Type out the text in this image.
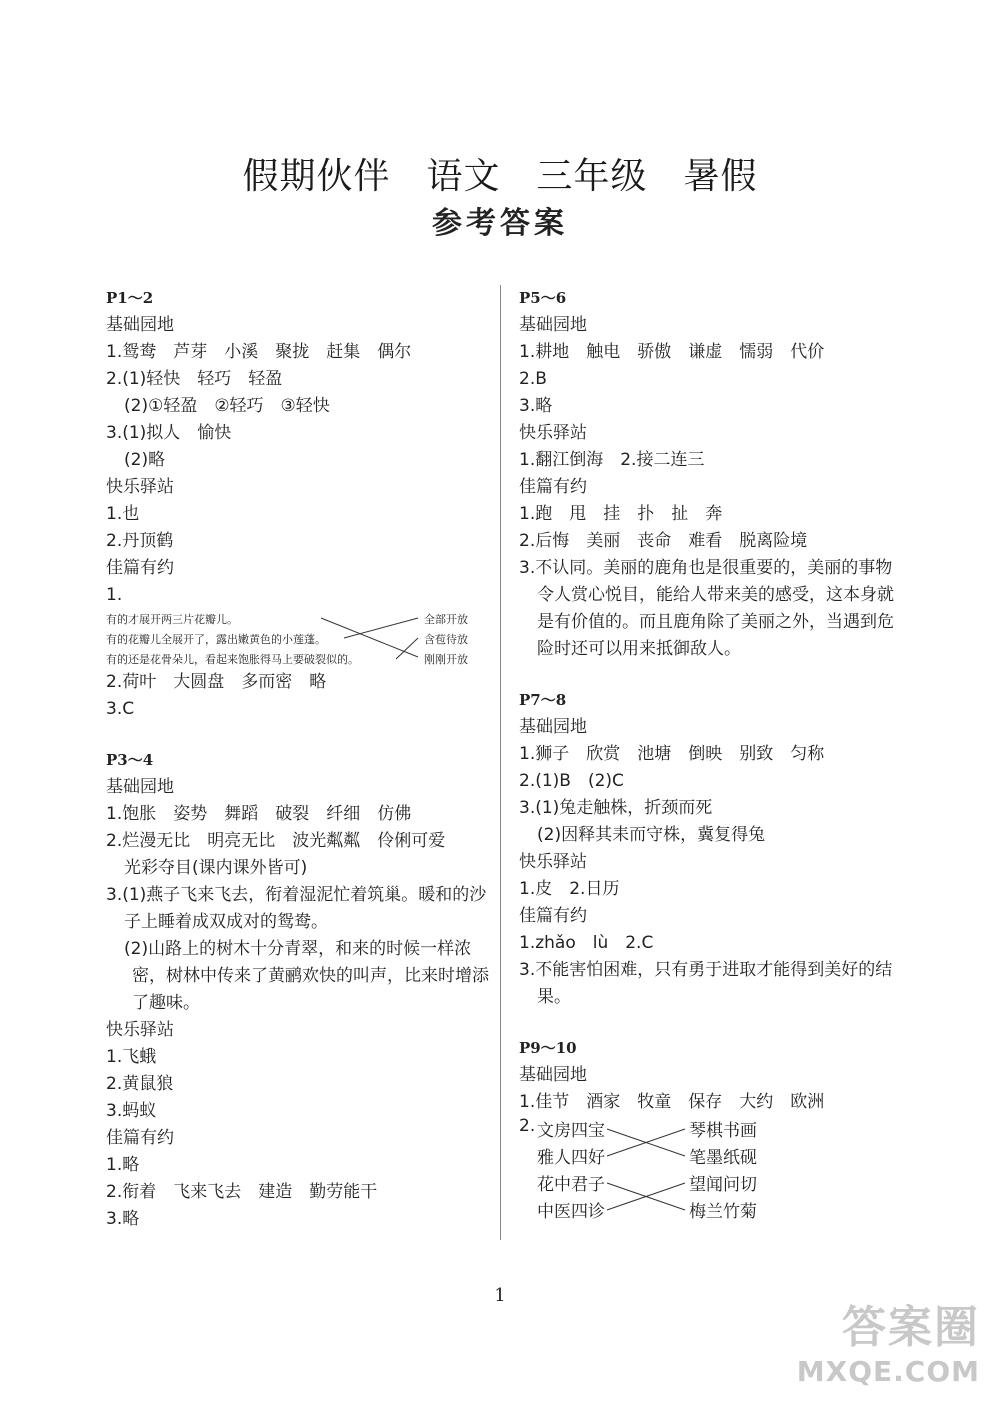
假期伙伴 语文 三年级 暑假
参考答案
P1～2
基础园地
1.鸳鸯　芦芽　小溪　聚拢　赶集　偶尔
2.(1)轻快　轻巧　轻盈
(2)①轻盈　②轻巧　③轻快
3.(1)拟人　愉快
(2)略
快乐驿站
1.也
2.丹顶鹤
佳篇有约
1.
有的才展开两三片花瓣儿。
有的花瓣儿全展开了，露出嫩黄色的小莲蓬。
有的还是花骨朵儿，看起来饱胀得马上要破裂似的。
全部开放
含苞待放
刚刚开放
2.荷叶　大圆盘　多而密　略
3.C
P3～4
基础园地
1.饱胀　姿势　舞蹈　破裂　纤细　仿佛
2.烂漫无比　明亮无比　波光粼粼　伶俐可爱
光彩夺目(课内课外皆可)
3.(1)燕子飞来飞去，衔着湿泥忙着筑巢。暖和的沙子上睡着成双成对的鸳鸯。
(2)山路上的树木十分青翠，和来的时候一样浓密，树林中传来了黄鹂欢快的叫声，比来时增添了趣味。
快乐驿站
1.飞蛾
2.黄鼠狼
3.蚂蚁
佳篇有约
1.略
2.衔着　飞来飞去　建造　勤劳能干
3.略
P5～6
基础园地
1.耕地　触电　骄傲　谦虚　懦弱　代价
2.B
3.略
快乐驿站
1.翻江倒海　2.接二连三
佳篇有约
1.跑　甩　挂　扑　扯　奔
2.后悔　美丽　丧命　难看　脱离险境
3.不认同。美丽的鹿角也是很重要的，美丽的事物令人赏心悦目，能给人带来美的感受，这本身就是有价值的。而且鹿角除了美丽之外，当遇到危险时还可以用来抵御敌人。
P7～8
基础园地
1.狮子　欣赏　池塘　倒映　别致　匀称
2.(1)B　(2)C
3.(1)兔走触株，折颈而死
(2)因释其耒而守株，冀复得兔
快乐驿站
1.皮　2.日历
佳篇有约
1.zhǎo　lù　2.C
3.不能害怕困难，只有勇于进取才能得到美好的结果。
P9～10
基础园地
1.佳节　酒家　牧童　保存　大约　欧洲
2. 文房四宝
雅人四好
花中君子
中医四诊
琴棋书画
笔墨纸砚
望闻问切
梅兰竹菊
1
答案圈
MXQE.COM
